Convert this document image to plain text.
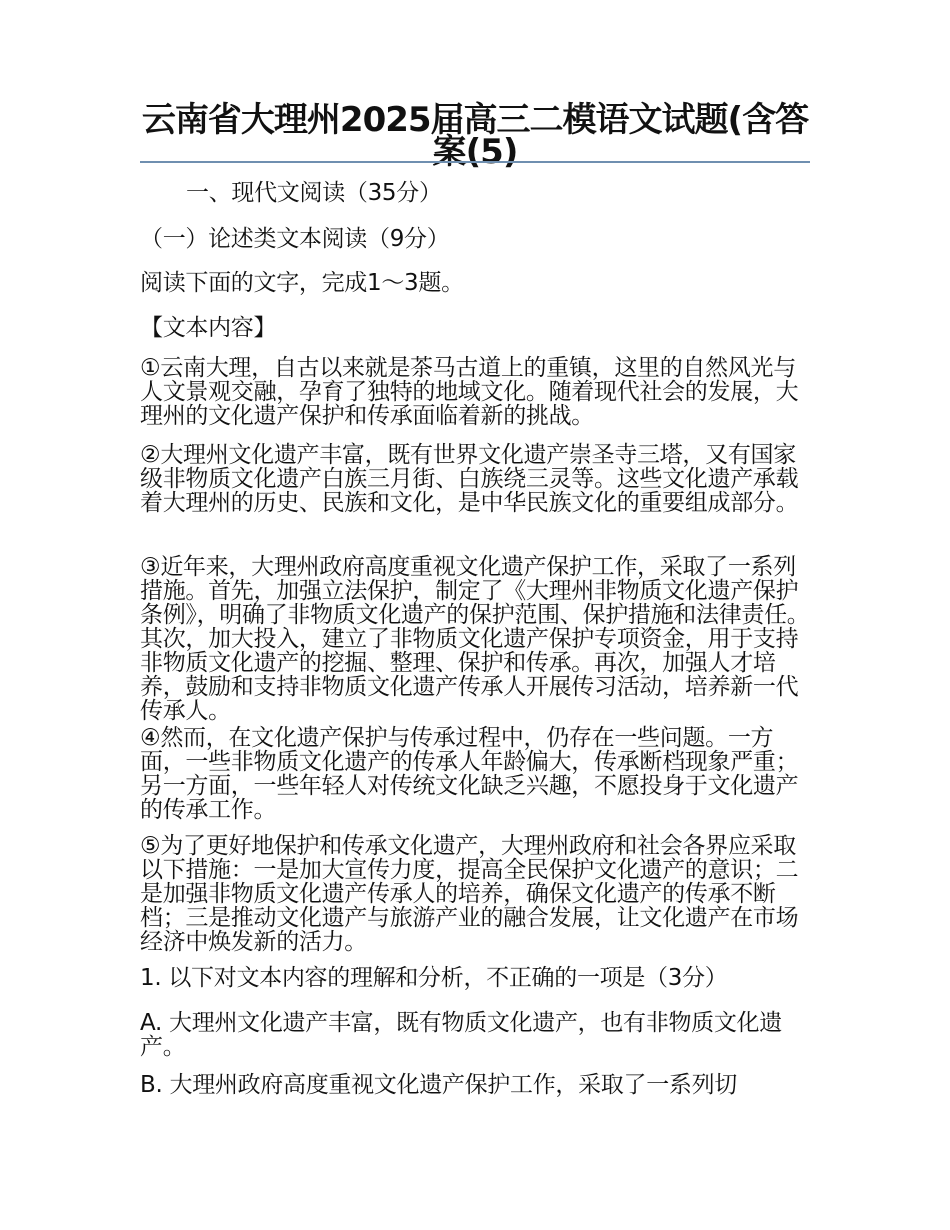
云南省大理州2025届高三二模语文试题(含答案(5)

一、现代文阅读（35分）

（一）论述类文本阅读（9分）

阅读下面的文字，完成1～3题。

【文本内容】

①云南大理，自古以来就是茶马古道上的重镇，这里的自然风光与人文景观交融，孕育了独特的地域文化。随着现代社会的发展，大理州的文化遗产保护和传承面临着新的挑战。

②大理州文化遗产丰富，既有世界文化遗产崇圣寺三塔，又有国家级非物质文化遗产白族三月街、白族绕三灵等。这些文化遗产承载着大理州的历史、民族和文化，是中华民族文化的重要组成部分。

③近年来，大理州政府高度重视文化遗产保护工作，采取了一系列措施。首先，加强立法保护，制定了《大理州非物质文化遗产保护条例》，明确了非物质文化遗产的保护范围、保护措施和法律责任。其次，加大投入，建立了非物质文化遗产保护专项资金，用于支持非物质文化遗产的挖掘、整理、保护和传承。再次，加强人才培养，鼓励和支持非物质文化遗产传承人开展传习活动，培养新一代传承人。

④然而，在文化遗产保护与传承过程中，仍存在一些问题。一方面，一些非物质文化遗产的传承人年龄偏大，传承断档现象严重；另一方面，一些年轻人对传统文化缺乏兴趣，不愿投身于文化遗产的传承工作。

⑤为了更好地保护和传承文化遗产，大理州政府和社会各界应采取以下措施：一是加大宣传力度，提高全民保护文化遗产的意识；二是加强非物质文化遗产传承人的培养，确保文化遗产的传承不断档；三是推动文化遗产与旅游产业的融合发展，让文化遗产在市场经济中焕发新的活力。

1. 以下对文本内容的理解和分析，不正确的一项是（3分）

A. 大理州文化遗产丰富，既有物质文化遗产，也有非物质文化遗产。

B. 大理州政府高度重视文化遗产保护工作，采取了一系列切
